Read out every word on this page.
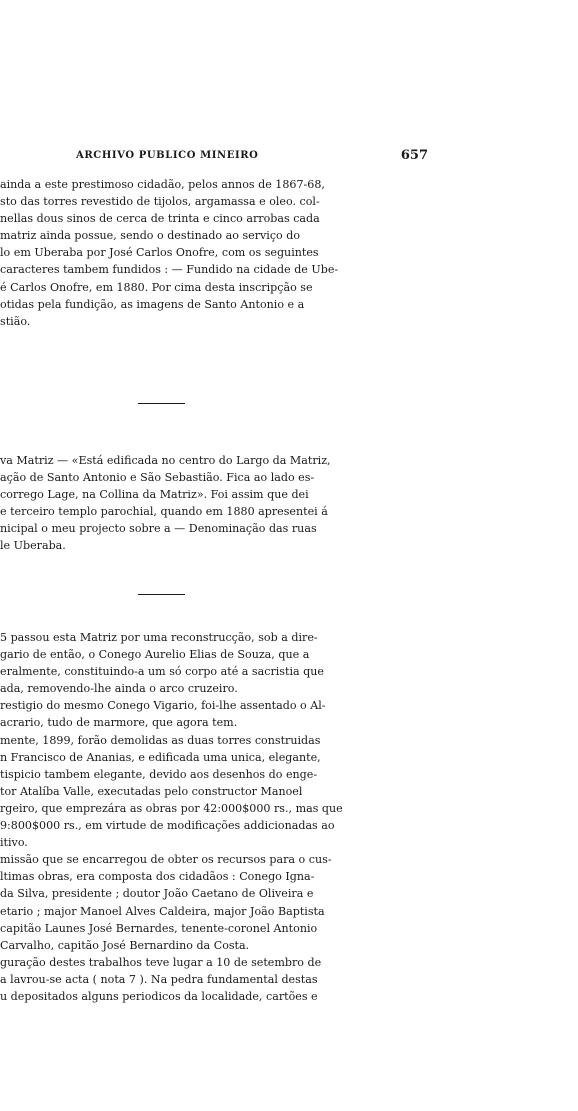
ARCHIVO PUBLICO MINEIRO	657
ainda a este prestimoso cidadão, pelos annos de 1867-68,
sto das torres revestido de tijolos, argamassa e oleo. col-
nellas dous sinos de cerca de trinta e cinco arrobas cada
matriz ainda possue, sendo o destinado ao serviço do
lo em Uberaba por José Carlos Onofre, com os seguintes
caracteres tambem fundidos : — Fundido na cidade de Ube-
é Carlos Onofre, em 1880. Por cima desta inscripção se
otidas pela fundição, as imagens de Santo Antonio e a
stião.
va Matriz — «Está edificada no centro do Largo da Matriz,
ação de Santo Antonio e São Sebastião. Fica ao lado es-
corrego Lage, na Collina da Matriz». Foi assim que dei
e terceiro templo parochial, quando em 1880 apresentei á
nicipal o meu projecto sobre a — Denominação das ruas
le Uberaba.
5 passou esta Matriz por uma reconstrucção, sob a dire-
gario de então, o Conego Aurelio Elias de Souza, que a
eralmente, constituindo-a um só corpo até a sacristia que
ada, removendo-lhe ainda o arco cruzeiro.
restigio do mesmo Conego Vigario, foi-lhe assentado o Al-
acrario, tudo de marmore, que agora tem.
mente, 1899, forão demolidas as duas torres construidas
n Francisco de Ananias, e edificada uma unica, elegante,
tispicio tambem elegante, devido aos desenhos do enge-
tor Atalíba Valle, executadas pelo constructor Manoel
rgeiro, que emprezára as obras por 42:000$000 rs., mas que
9:800$000 rs., em virtude de modificações addicionadas ao
itivo.
missão que se encarregou de obter os recursos para o cus-
ltimas obras, era composta dos cidadãos : Conego Igna-
da Silva, presidente ; doutor João Caetano de Oliveira e
etario ; major Manoel Alves Caldeira, major João Baptista
capitão Launes José Bernardes, tenente-coronel Antonio
Carvalho, capitão José Bernardino da Costa.
guração destes trabalhos teve lugar a 10 de setembro de
a lavrou-se acta ( nota 7 ). Na pedra fundamental destas
u depositados alguns periodicos da localidade, cartões e
